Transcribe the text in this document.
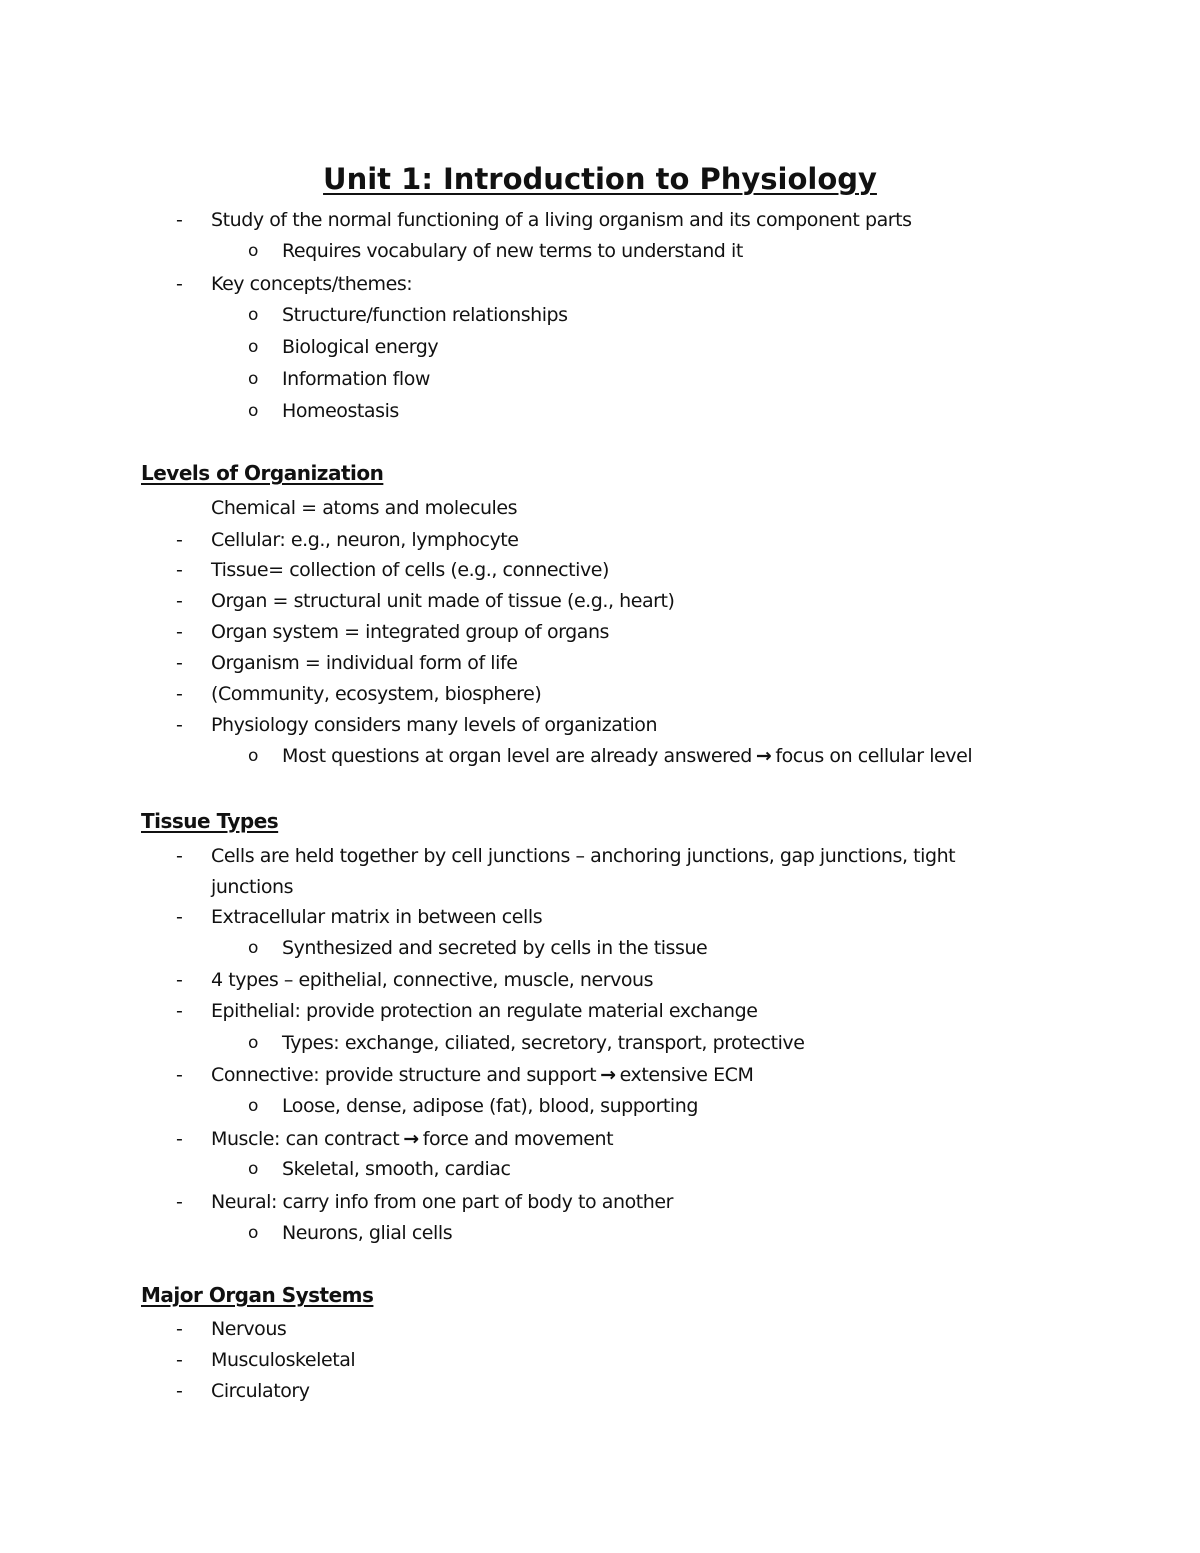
Unit 1: Introduction to Physiology
- Study of the normal functioning of a living organism and its component parts
o Requires vocabulary of new terms to understand it
- Key concepts/themes:
o Structure/function relationships
o Biological energy
o Information flow
o Homeostasis
Levels of Organization
Chemical = atoms and molecules
- Cellular: e.g., neuron, lymphocyte
- Tissue= collection of cells (e.g., connective)
- Organ = structural unit made of tissue (e.g., heart)
- Organ system = integrated group of organs
- Organism = individual form of life
- (Community, ecosystem, biosphere)
- Physiology considers many levels of organization
o Most questions at organ level are already answered → focus on cellular level
Tissue Types
- Cells are held together by cell junctions – anchoring junctions, gap junctions, tight
junctions
- Extracellular matrix in between cells
o Synthesized and secreted by cells in the tissue
- 4 types – epithelial, connective, muscle, nervous
- Epithelial: provide protection an regulate material exchange
o Types: exchange, ciliated, secretory, transport, protective
- Connective: provide structure and support → extensive ECM
o Loose, dense, adipose (fat), blood, supporting
- Muscle: can contract → force and movement
o Skeletal, smooth, cardiac
- Neural: carry info from one part of body to another
o Neurons, glial cells
Major Organ Systems
- Nervous
- Musculoskeletal
- Circulatory
